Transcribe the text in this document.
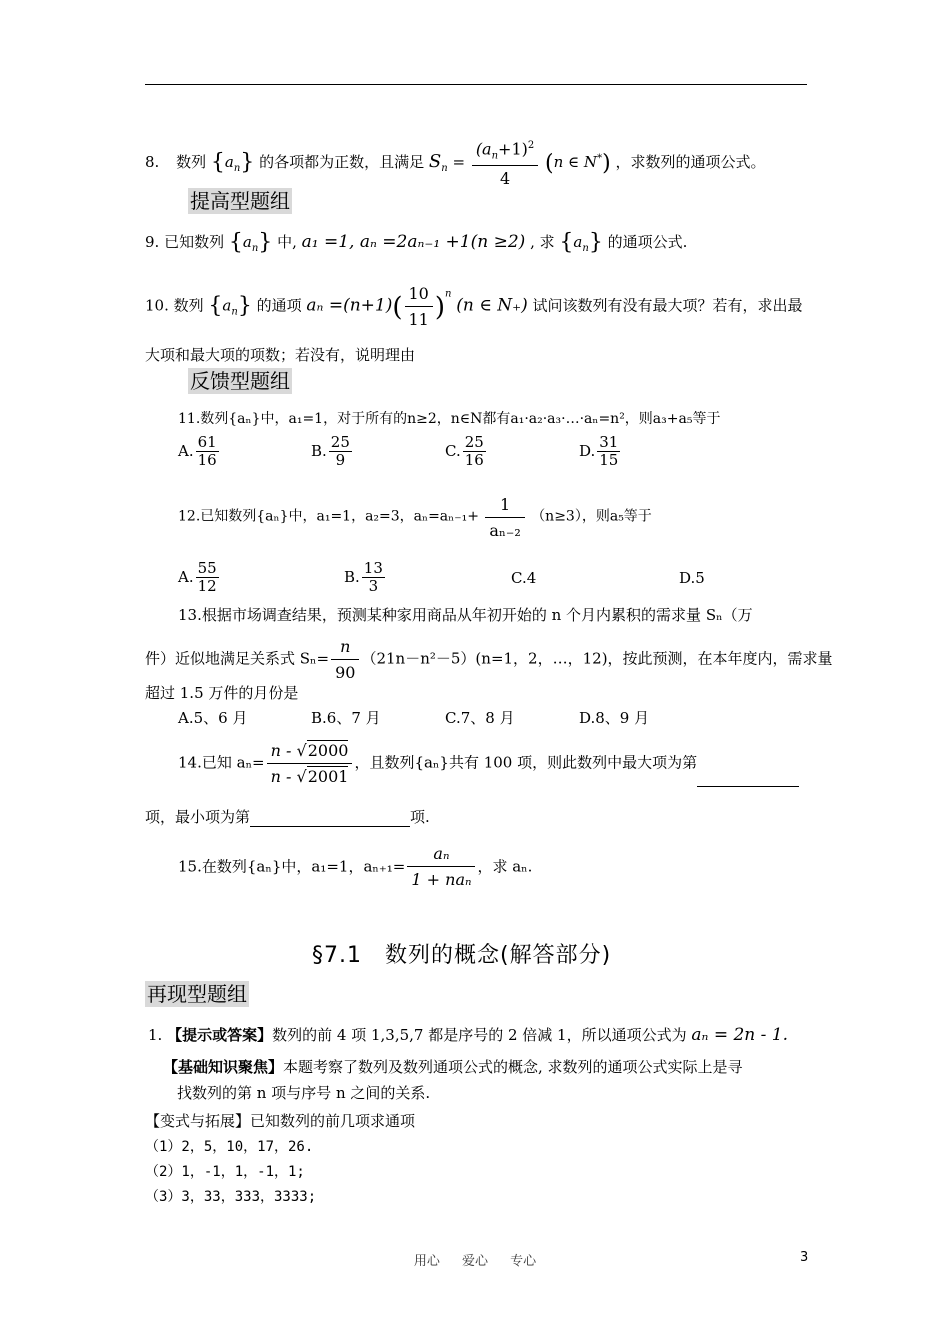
8. 数列 $\{a_n\}$ 的各项都为正数，且满足 $S_n = \frac{(a_n+1)^2}{4} (n$ ∈ N*) ，求数列的通项公式。
提高型题组
9. 已知数列 $\{a_n\}$ 中, a₁ =1, aₙ =2aₙ₋₁ +1(n ≥2) , 求 $\{a_n\}$ 的通项公式.
10. 数列 $\{a_n\}$ 的通项 $a_n =(n+1)( \frac{10}{11} )^n$ (n ∈ N₊) 试问该数列有没有最大项？若有，求出最
大项和最大项的项数；若没有，说明理由
反馈型题组
11.数列{aₙ}中，a₁=1，对于所有的n≥2，n∈N都有a₁·a₂·a₃·…·aₙ=n²，则a₃+a₅等于
A. $\frac{61}{16}$	B. $\frac{25}{9}$	C. $\frac{25}{16}$	D. $\frac{31}{15}$
12.已知数列{aₙ}中，a₁=1，a₂=3，$a_n=a_{n-1}+ \frac{1}{\text{aₙ₋₂}} (n\ge 3)$，则a₅等于
A. $\frac{55}{12}$	B. $\frac{13}{3}$	C.4	D.5
13.根据市场调查结果，预测某种家用商品从年初开始的 n 个月内累积的需求量 Sₙ（万
件）近似地满足关系式 $S_n= \frac{n}{90} (21n-n^2-5)(n=1$，2，…，12)，按此预测，在本年度内，需求量
超过 1.5 万件的月份是
A.5、6 月	B.6、7 月	C.7、8 月	D.8、9 月
14.已知 $a_n= \frac{n - √2000}{n - √2001}$ ，且数列{aₙ}共有 100 项，则此数列中最大项为第
项，最小项为第	项.
15.在数列{aₙ}中，a₁=1，$a_{n+1}= \frac{\text{aₙ}}{\text{1 + naₙ}}$ ，求 aₙ.
§7.1　数列的概念(解答部分)
再现型题组
1. 【提示或答案】数列的前 4 项 1,3,5,7 都是序号的 2 倍减 1，所以通项公式为 aₙ = 2n - 1.
【基础知识聚焦】本题考察了数列及数列通项公式的概念, 求数列的通项公式实际上是寻
找数列的第 n 项与序号 n 之间的关系.
【变式与拓展】已知数列的前几项求通项
（1）2，5，10，17，26.
（2）1，-1，1，-1，1;
（3）3，33，333，3333;
用心 爱心 专心	3
